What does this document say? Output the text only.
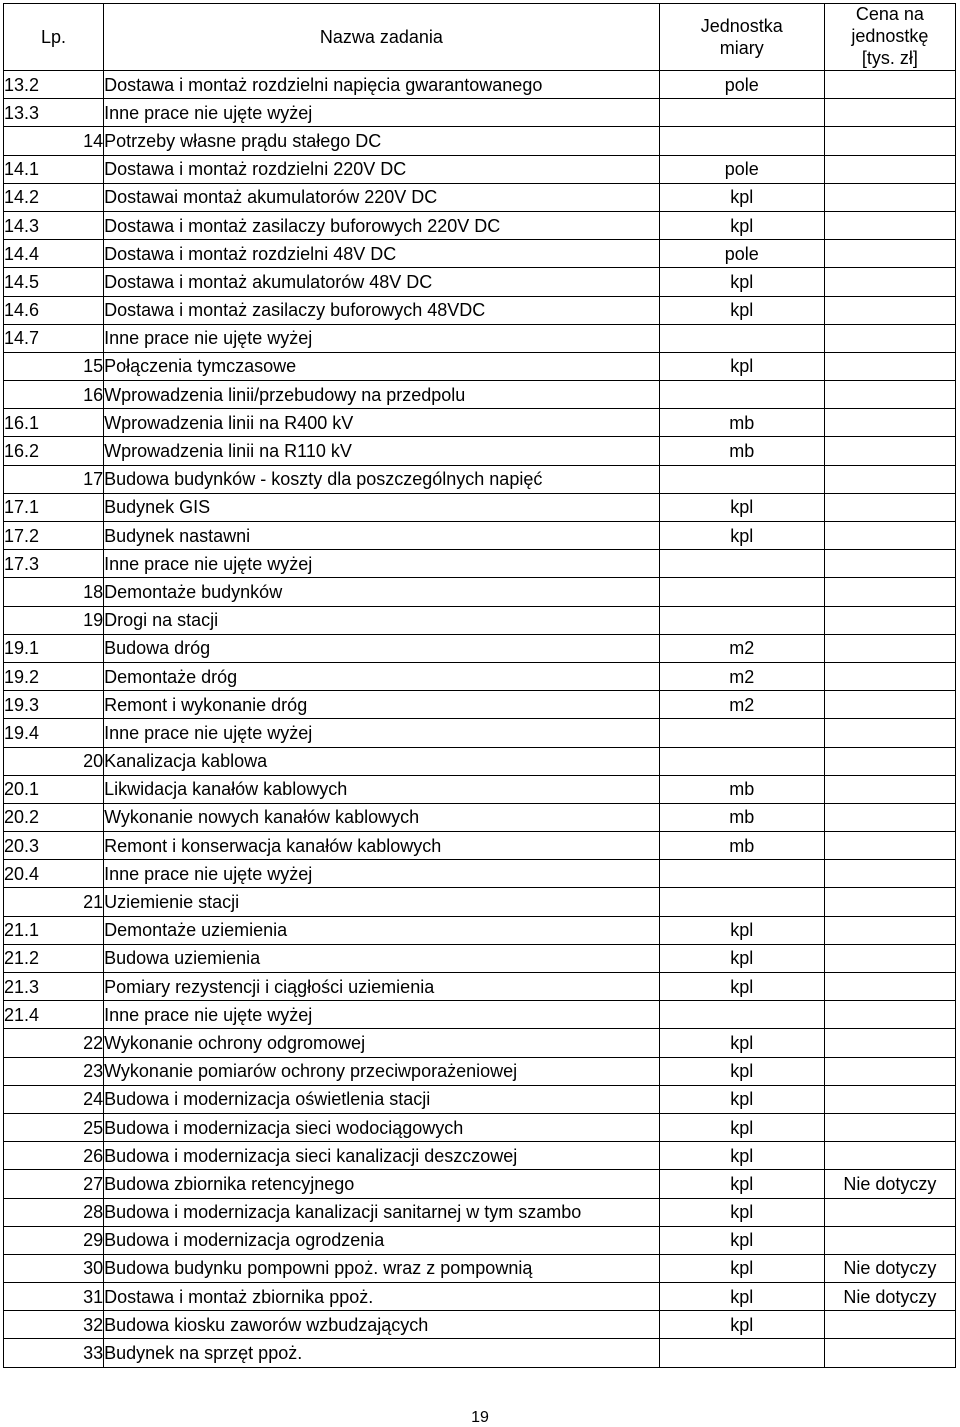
Lp.	Nazwa zadania	Jednostka miary	Cena na jednostkę [tys. zł]

13.2	Dostawa i montaż rozdzielni napięcia gwarantowanego	pole	
13.3	Inne prace nie ujęte wyżej		
14	Potrzeby własne prądu stałego DC		
14.1	Dostawa i montaż rozdzielni 220V DC	pole	
14.2	Dostawai montaż akumulatorów 220V DC	kpl	
14.3	Dostawa i montaż zasilaczy buforowych 220V DC	kpl	
14.4	Dostawa i montaż rozdzielni 48V DC	pole	
14.5	Dostawa i montaż akumulatorów 48V DC	kpl	
14.6	Dostawa i montaż zasilaczy buforowych 48VDC	kpl	
14.7	Inne prace nie ujęte wyżej		
15	Połączenia tymczasowe	kpl	
16	Wprowadzenia linii/przebudowy na przedpolu		
16.1	Wprowadzenia linii na R400 kV	mb	
16.2	Wprowadzenia linii na R110 kV	mb	
17	Budowa budynków - koszty dla poszczególnych napięć		
17.1	Budynek GIS	kpl	
17.2	Budynek nastawni	kpl	
17.3	Inne prace nie ujęte wyżej		
18	Demontaże budynków		
19	Drogi na stacji		
19.1	Budowa dróg	m2	
19.2	Demontaże dróg	m2	
19.3	Remont i wykonanie dróg	m2	
19.4	Inne prace nie ujęte wyżej		
20	Kanalizacja kablowa		
20.1	Likwidacja kanałów kablowych	mb	
20.2	Wykonanie nowych kanałów kablowych	mb	
20.3	Remont i konserwacja kanałów kablowych	mb	
20.4	Inne prace nie ujęte wyżej		
21	Uziemienie stacji		
21.1	Demontaże uziemienia	kpl	
21.2	Budowa uziemienia	kpl	
21.3	Pomiary rezystencji i ciągłości uziemienia	kpl	
21.4	Inne prace nie ujęte wyżej		
22	Wykonanie ochrony odgromowej	kpl	
23	Wykonanie pomiarów ochrony przeciwporażeniowej	kpl	
24	Budowa i modernizacja oświetlenia stacji	kpl	
25	Budowa i modernizacja sieci wodociągowych	kpl	
26	Budowa i modernizacja sieci kanalizacji deszczowej	kpl	
27	Budowa zbiornika retencyjnego	kpl	Nie dotyczy
28	Budowa i modernizacja kanalizacji sanitarnej w tym szambo	kpl	
29	Budowa i modernizacja ogrodzenia	kpl	
30	Budowa budynku pompowni ppoż. wraz z pompownią	kpl	Nie dotyczy
31	Dostawa i montaż zbiornika ppoż.	kpl	Nie dotyczy
32	Budowa kiosku zaworów wzbudzających	kpl	
33	Budynek na sprzęt ppoż.		
19
